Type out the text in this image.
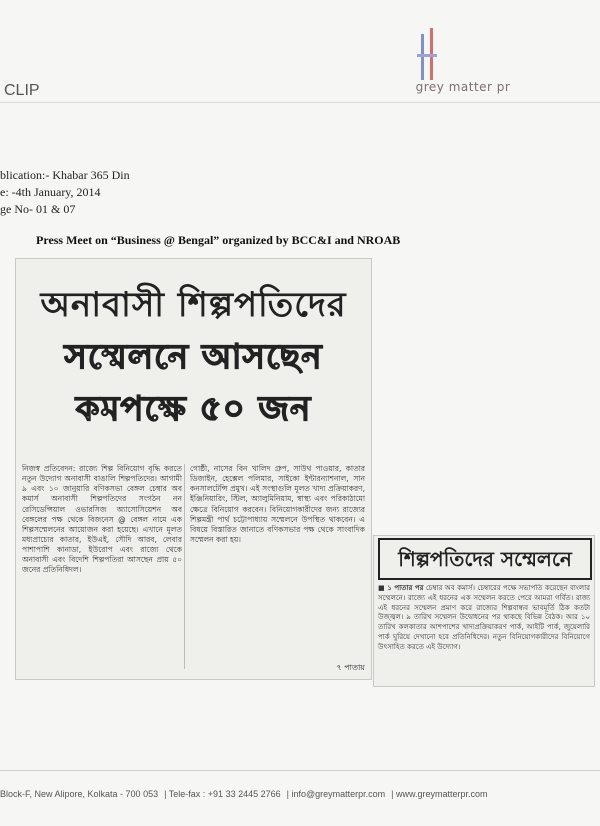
grey matter pr
CLIP
blication:- Khabar 365 Din
e: -4th January, 2014
ge No- 01 & 07
Press Meet on “Business @ Bengal” organized by BCC&I and NROAB
অনাবাসী শিল্পপতিদের
সম্মেলনে আসছেন
কমপক্ষে ৫০ জন
নিজস্ব প্রতিবেদন: রাজ্যে শিল্প বিনিয়োগ বৃদ্ধি করতে নতুন উদ্যোগ অনাবাসী বাঙালি শিল্পপতিদের। আগামী ৯ এবং ১০ জানুয়ারি বণিকসভা বেঙ্গল চেম্বার অব কমার্স অনাবাসী শিল্পপতিদের সংগঠন নন রেসিডেন্সিয়াল ওভারসিজ অ্যাসোসিয়েশন অব বেঙ্গলের পক্ষ থেকে বিজনেস @ বেঙ্গল নামে এক শিল্পসম্মেলনের আয়োজন করা হয়েছে। এখানে মূলত মধ্যপ্রাচ্যের কাতার, ইউএই, সৌদি আরব, লেবার পাশাপাশি কানাডা, ইউরোপ এবং রাজ্যে থেকে অনাবাসী এবং বিদেশি শিল্পপতিরা আসছেন প্রায় ৫০ জনের প্রতিনিধিদল।
গোষ্ঠী, নাসের বিন খালিদ গ্রুপ, সাউথ পাওয়ার, কাতার ডিজাইন, হেক্সেল পলিমার, সাইকো ইন্টারন্যাশনাল, সান কনসালটেন্সি প্রমুখ। এই সংস্থাগুলি মূলত খাদ্য প্রক্রিয়াকরণ, ইঞ্জিনিয়ারিং, স্টিল, অ্যালুমিনিয়াম, স্বাস্থ্য এবং পরিকাঠামো ক্ষেত্রে বিনিয়োগ করবেন। বিনিয়োগকারীদের জন্য রাজ্যের শিল্পমন্ত্রী পার্থ চট্টোপাধ্যায় সম্মেলনে উপস্থিত থাকবেন। এ বিষয়ে বিস্তারিত জানাতে বণিকসভার পক্ষ থেকে সাংবাদিক সম্মেলন করা হয়।
৭ পাতায়
শিল্পপতিদের সম্মেলনে
■ ১ পাতার পর চেম্বার অব কমার্স। চেম্বারের পক্ষে সভাপতি করেছেন বাংলার সম্মেলনে। রাজ্যে এই ধরনের এক সম্মেলন করতে পেরে আমরা গর্বিত। রাজ্য এই ধরনের সম্মেলন প্রমাণ করে রাজ্যের শিল্পবান্ধব ভাবমূর্তি ঠিক কতটা উজ্জ্বল। ৯ তারিখ সম্মেলন উদ্বোধনের পর থাকছে বিভিন্ন বৈঠক। আর ১০ তারিখ কলকাতার আশপাশের খাদ্যপ্রক্রিয়াকরণ পার্ক, আইটি পার্ক, জুয়েলারি পার্ক ঘুরিয়ে দেখানো হবে প্রতিনিধিদের। নতুন বিনিয়োগকারীদের বিনিয়োগে উৎসাহিত করতে এই উদ্যোগ।
Block-F, New Alipore, Kolkata - 700 053 | Tele-fax : +91 33 2445 2766 | info@greymatterpr.com | www.greymatterpr.com
